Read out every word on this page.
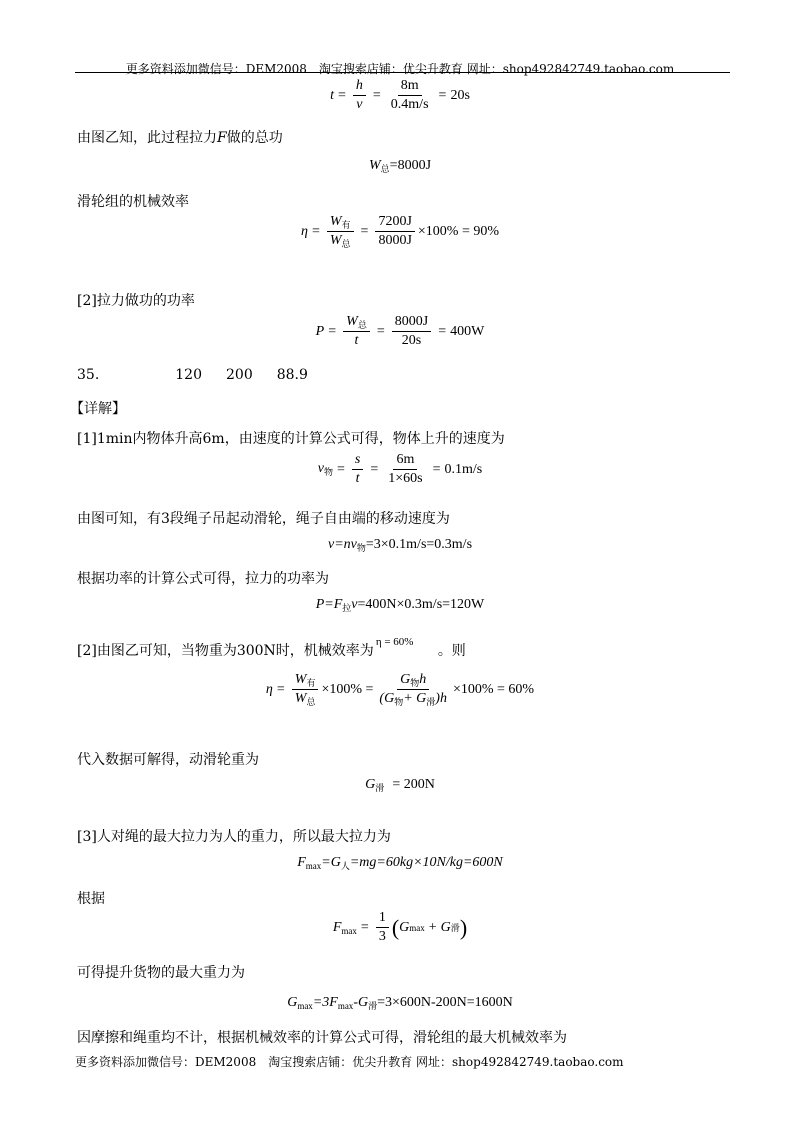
更多资料添加微信号：DEM2008　淘宝搜索店铺：优尖升教育 网址：shop492842749.taobao.com
$t = \frac{h}{v} = \frac{8m}{0.4m/s} = 20s$
由图乙知，此过程拉力F做的总功
$W_总=8000J$
滑轮组的机械效率
$\eta = \frac{W_有}{W_总} = \frac{7200J}{8000J} \times 100\% = 90\%$
[2]拉力做功的功率
$P = \frac{W_总}{t} = \frac{8000J}{20s} = 400W$
35.	120 200 88.9
【详解】
[1]1min内物体升高6m，由速度的计算公式可得，物体上升的速度为
$v_物 = \frac{s}{t} = \frac{6m}{1\times 60s} = 0.1m/s$
由图可知，有3段绳子吊起动滑轮，绳子自由端的移动速度为
$v=nv_物=3\times 0.1m/s=0.3m/s$
根据功率的计算公式可得，拉力的功率为
$P=F_拉v=400N\times 0.3m/s=120W$
[2]由图乙可知，当物重为300N时，机械效率为η = 60%。则
$\eta = \frac{W_有}{W_总} \times 100\% = \frac{G_物h}{(G_物+ G_滑)h} \times 100\% = 60\%$
代入数据可解得，动滑轮重为
$G_滑 = 200N$
[3]人对绳的最大拉力为人的重力，所以最大拉力为
$F_{max}=G_人=mg=60kg\times 10N/kg=600N$
根据
$F_{max} = \frac{1}{3}$ ( G max + G 滑 )
可得提升货物的最大重力为
$G_{max}=3F_{max}-G_滑=3\times 600N-200N=1600N$
因摩擦和绳重均不计，根据机械效率的计算公式可得，滑轮组的最大机械效率为
更多资料添加微信号：DEM2008　淘宝搜索店铺：优尖升教育 网址：shop492842749.taobao.com
